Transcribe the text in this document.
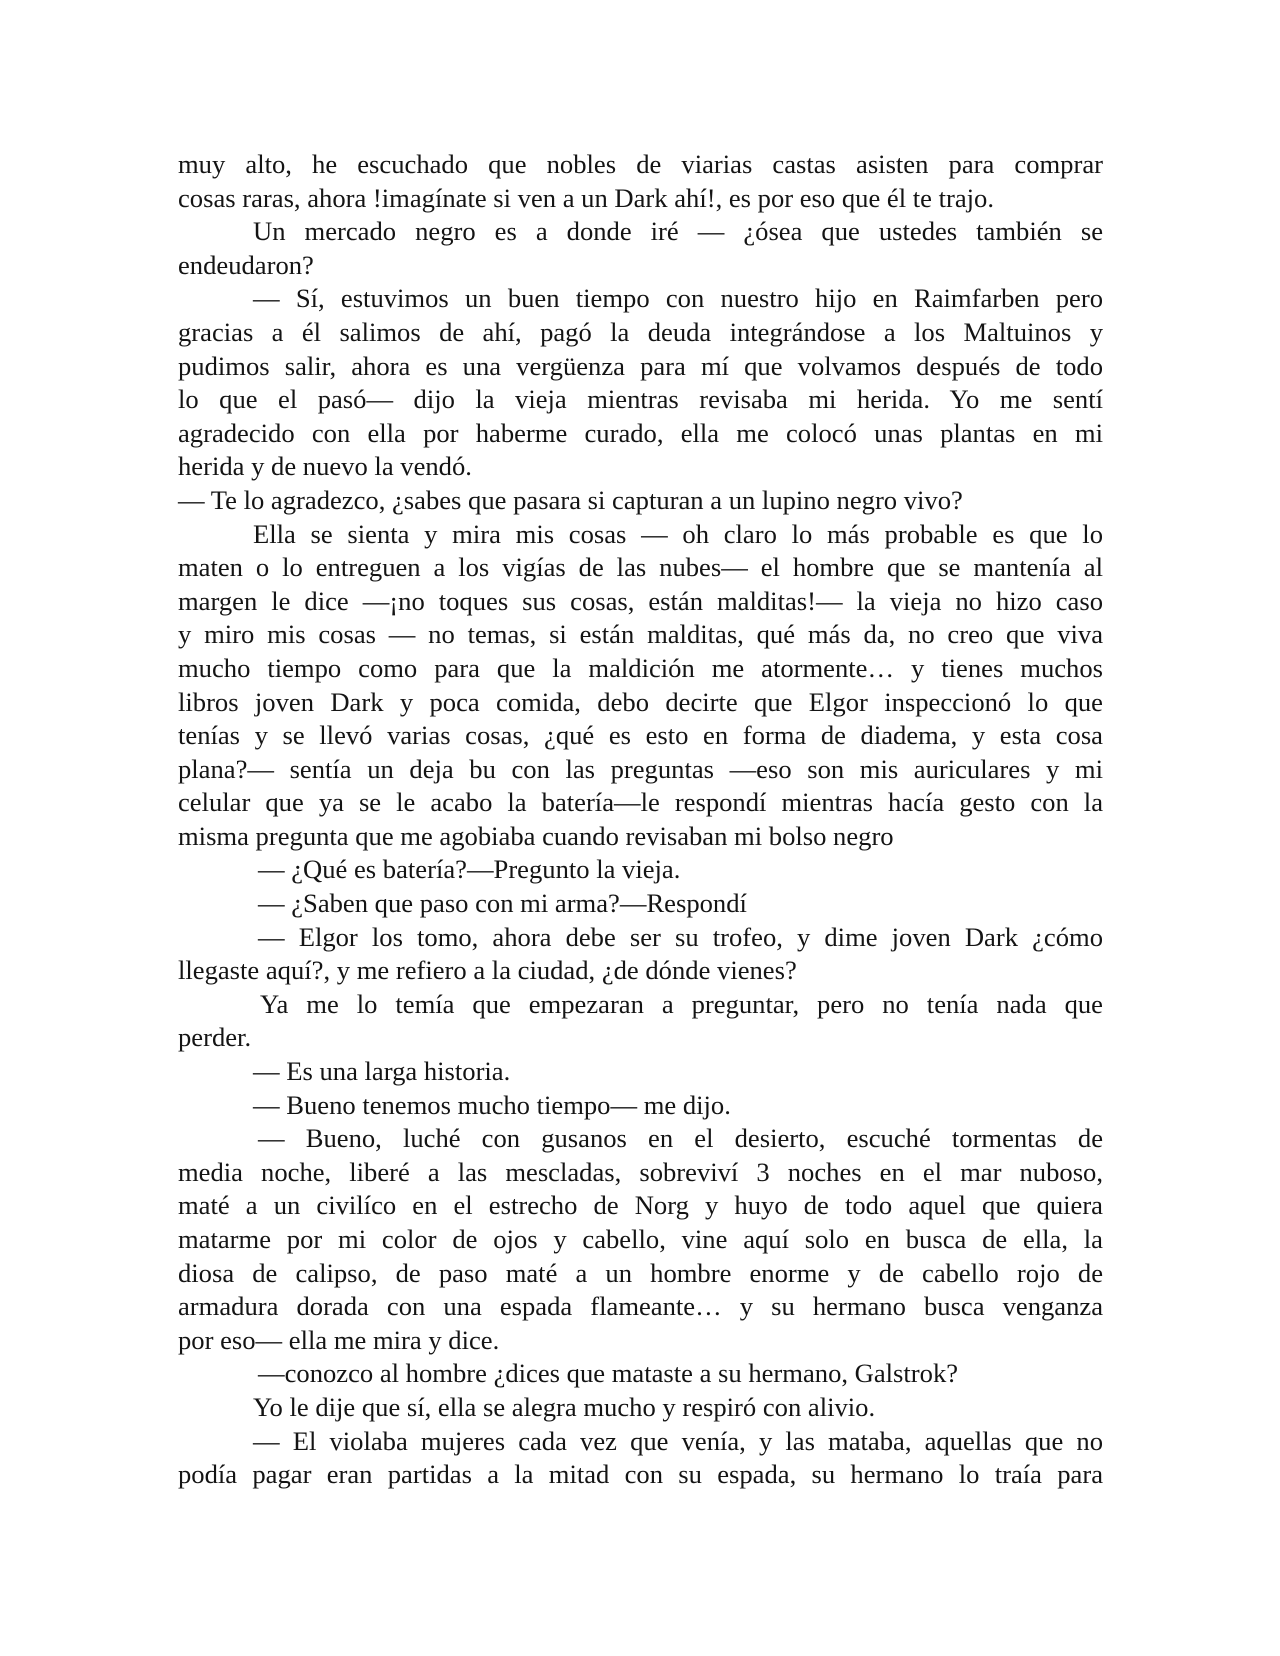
muy alto, he escuchado que nobles de viarias castas asisten para comprar
cosas raras, ahora !imagínate si ven a un Dark ahí!, es por eso que él te trajo.
Un mercado negro es a donde iré — ¿ósea que ustedes también se
endeudaron?
— Sí, estuvimos un buen tiempo con nuestro hijo en Raimfarben pero
gracias a él salimos de ahí, pagó la deuda integrándose a los Maltuinos y
pudimos salir, ahora es una vergüenza para mí que volvamos después de todo
lo que el pasó— dijo la vieja mientras revisaba mi herida. Yo me sentí
agradecido con ella por haberme curado, ella me colocó unas plantas en mi
herida y de nuevo la vendó.
— Te lo agradezco, ¿sabes que pasara si capturan a un lupino negro vivo?
Ella se sienta y mira mis cosas — oh claro lo más probable es que lo
maten o lo entreguen a los vigías de las nubes— el hombre que se mantenía al
margen le dice —¡no toques sus cosas, están malditas!— la vieja no hizo caso
y miro mis cosas — no temas, si están malditas, qué más da, no creo que viva
mucho tiempo como para que la maldición me atormente… y tienes muchos
libros joven Dark y poca comida, debo decirte que Elgor inspeccionó lo que
tenías y se llevó varias cosas, ¿qué es esto en forma de diadema, y esta cosa
plana?— sentía un deja bu con las preguntas —eso son mis auriculares y mi
celular que ya se le acabo la batería—le respondí mientras hacía gesto con la
misma pregunta que me agobiaba cuando revisaban mi bolso negro
— ¿Qué es batería?—Pregunto la vieja.
— ¿Saben que paso con mi arma?—Respondí
— Elgor los tomo, ahora debe ser su trofeo, y dime joven Dark ¿cómo
llegaste aquí?, y me refiero a la ciudad, ¿de dónde vienes?
Ya me lo temía que empezaran a preguntar, pero no tenía nada que
perder.
— Es una larga historia.
— Bueno tenemos mucho tiempo— me dijo.
— Bueno, luché con gusanos en el desierto, escuché tormentas de
media noche, liberé a las mescladas, sobreviví 3 noches en el mar nuboso,
maté a un civilíco en el estrecho de Norg y huyo de todo aquel que quiera
matarme por mi color de ojos y cabello, vine aquí solo en busca de ella, la
diosa de calipso, de paso maté a un hombre enorme y de cabello rojo de
armadura dorada con una espada flameante… y su hermano busca venganza
por eso— ella me mira y dice.
—conozco al hombre ¿dices que mataste a su hermano, Galstrok?
Yo le dije que sí, ella se alegra mucho y respiró con alivio.
— El violaba mujeres cada vez que venía, y las mataba, aquellas que no
podía pagar eran partidas a la mitad con su espada, su hermano lo traía para
